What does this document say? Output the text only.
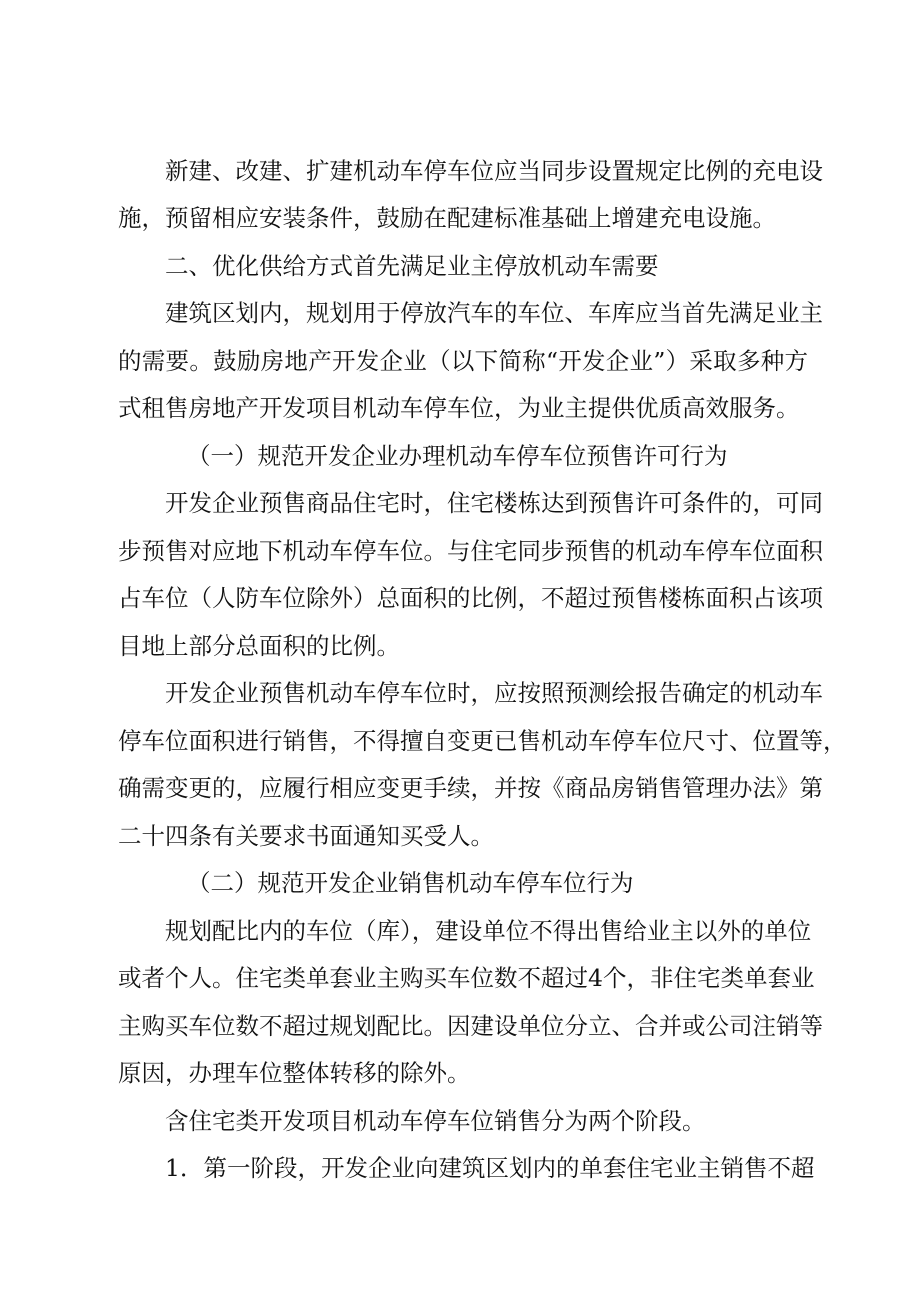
新建、改建、扩建机动车停车位应当同步设置规定比例的充电设
施，预留相应安装条件，鼓励在配建标准基础上增建充电设施。
二、优化供给方式首先满足业主停放机动车需要
建筑区划内，规划用于停放汽车的车位、车库应当首先满足业主
的需要。鼓励房地产开发企业（以下简称“开发企业”）采取多种方
式租售房地产开发项目机动车停车位，为业主提供优质高效服务。
（一）规范开发企业办理机动车停车位预售许可行为
开发企业预售商品住宅时，住宅楼栋达到预售许可条件的，可同
步预售对应地下机动车停车位。与住宅同步预售的机动车停车位面积
占车位（人防车位除外）总面积的比例，不超过预售楼栋面积占该项
目地上部分总面积的比例。
开发企业预售机动车停车位时，应按照预测绘报告确定的机动车
停车位面积进行销售，不得擅自变更已售机动车停车位尺寸、位置等，
确需变更的，应履行相应变更手续，并按《商品房销售管理办法》第
二十四条有关要求书面通知买受人。
（二）规范开发企业销售机动车停车位行为
规划配比内的车位（库），建设单位不得出售给业主以外的单位
或者个人。住宅类单套业主购买车位数不超过4个，非住宅类单套业
主购买车位数不超过规划配比。因建设单位分立、合并或公司注销等
原因，办理车位整体转移的除外。
含住宅类开发项目机动车停车位销售分为两个阶段。
1．第一阶段，开发企业向建筑区划内的单套住宅业主销售不超
